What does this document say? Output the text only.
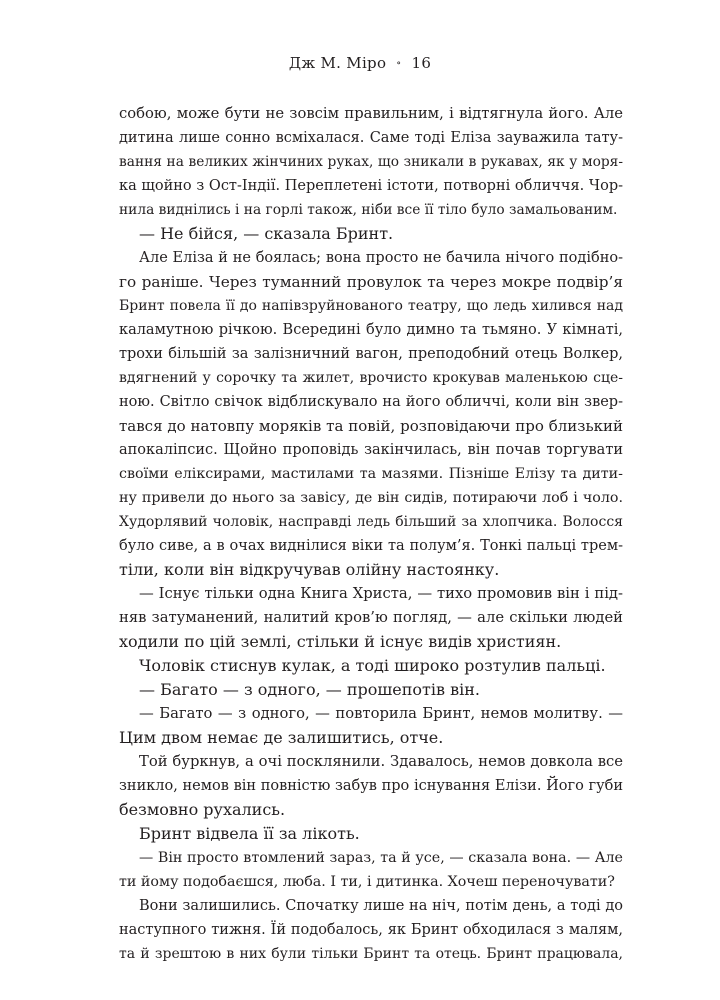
Дж М. Міро ∘ 16
собою, може бути не зовсім правильним, і відтягнула його. Але
дитина лише сонно всміхалася. Саме тоді Еліза зауважила тату-
вання на великих жінчиних руках, що зникали в рукавах, як у моря-
ка щойно з Ост-Індії. Переплетені істоти, потворні обличчя. Чор-
нила виднілись і на горлі також, ніби все її тіло було замальованим.
— Не бійся, — сказала Бринт.
Але Еліза й не боялась; вона просто не бачила нічого подібно-
го раніше. Через туманний провулок та через мокре подвір’я
Бринт повела її до напівзруйнованого театру, що ледь хилився над
каламутною річкою. Всередині було димно та тьмяно. У кімнаті,
трохи більшій за залізничний вагон, преподобний отець Волкер,
вдягнений у сорочку та жилет, врочисто крокував маленькою сце-
ною. Світло свічок відблискувало на його обличчі, коли він звер-
тався до натовпу моряків та повій, розповідаючи про близький
апокаліпсис. Щойно проповідь закінчилась, він почав торгувати
своїми еліксирами, мастилами та мазями. Пізніше Елізу та дити-
ну привели до нього за завісу, де він сидів, потираючи лоб і чоло.
Худорлявий чоловік, насправді ледь більший за хлопчика. Волосся
було сиве, а в очах виднілися віки та полум’я. Тонкі пальці трем-
тіли, коли він відкручував олійну настоянку.
— Існує тільки одна Книга Христа, — тихо промовив він і під-
няв затуманений, налитий кров’ю погляд, — але скільки людей
ходили по цій землі, стільки й існує видів християн.
Чоловік стиснув кулак, а тоді широко розтулив пальці.
— Багато — з одного, — прошепотів він.
— Багато — з одного, — повторила Бринт, немов молитву. —
Цим двом немає де залишитись, отче.
Той буркнув, а очі посклянили. Здавалось, немов довкола все
зникло, немов він повністю забув про існування Елізи. Його губи
безмовно рухались.
Бринт відвела її за лікоть.
— Він просто втомлений зараз, та й усе, — сказала вона. — Але
ти йому подобаєшся, люба. І ти, і дитинка. Хочеш переночувати?
Вони залишились. Спочатку лише на ніч, потім день, а тоді до
наступного тижня. Їй подобалось, як Бринт обходилася з малям,
та й зрештою в них були тільки Бринт та отець. Бринт працювала,
